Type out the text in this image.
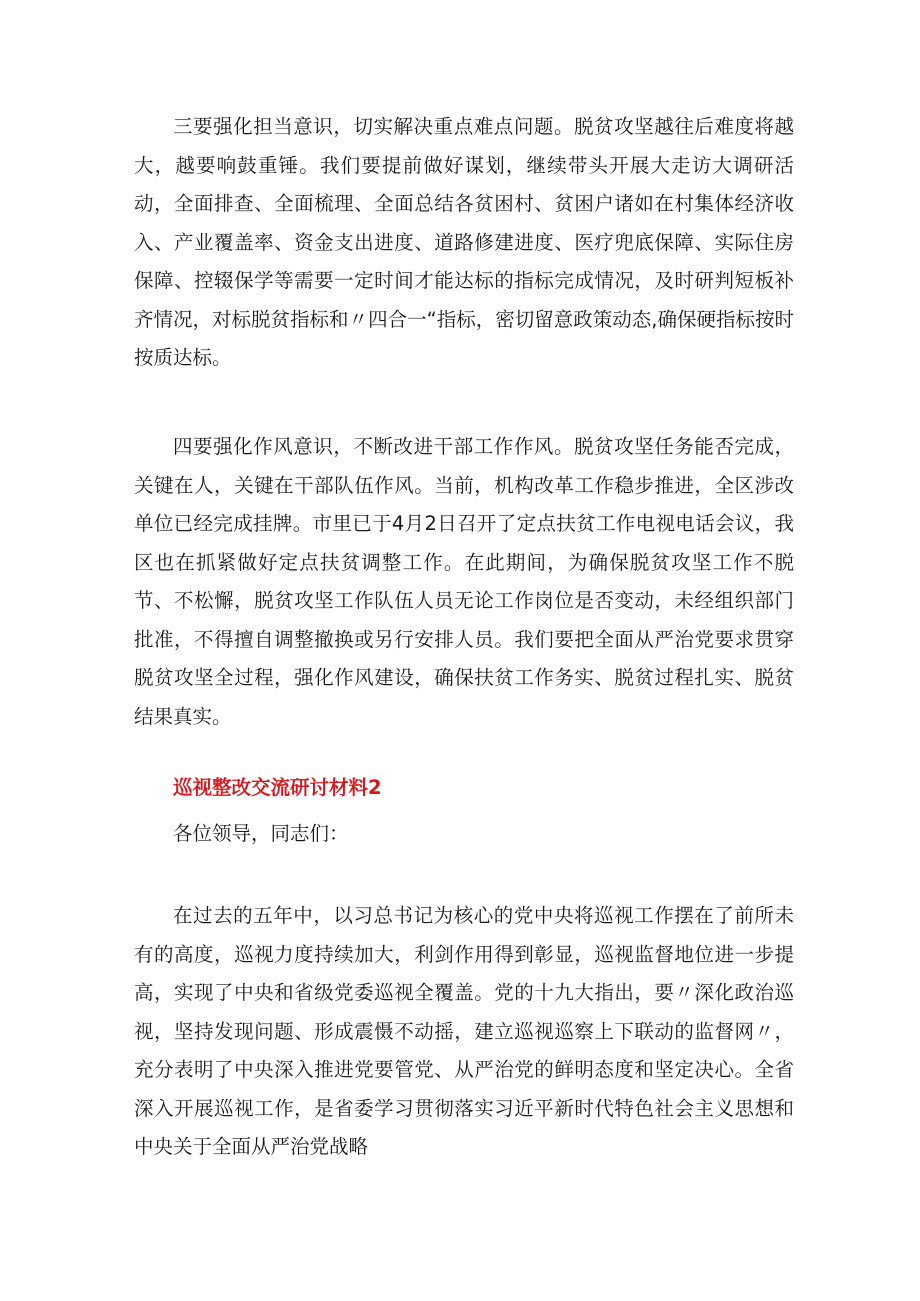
三要强化担当意识，切实解决重点难点问题。脱贫攻坚越往后难度将越大，越要响鼓重锤。我们要提前做好谋划，继续带头开展大走访大调研活动，全面排查、全面梳理、全面总结各贫困村、贫困户诸如在村集体经济收入、产业覆盖率、资金支出进度、道路修建进度、医疗兜底保障、实际住房保障、控辍保学等需要一定时间才能达标的指标完成情况，及时研判短板补齐情况，对标脱贫指标和〃四合一“指标，密切留意政策动态,确保硬指标按时按质达标。

四要强化作风意识，不断改进干部工作作风。脱贫攻坚任务能否完成，关键在人，关键在干部队伍作风。当前，机构改革工作稳步推进，全区涉改单位已经完成挂牌。市里已于4月2日召开了定点扶贫工作电视电话会议，我区也在抓紧做好定点扶贫调整工作。在此期间，为确保脱贫攻坚工作不脱节、不松懈，脱贫攻坚工作队伍人员无论工作岗位是否变动，未经组织部门批准，不得擅自调整撤换或另行安排人员。我们要把全面从严治党要求贯穿脱贫攻坚全过程，强化作风建设，确保扶贫工作务实、脱贫过程扎实、脱贫结果真实。

巡视整改交流研讨材料2

各位领导，同志们：

在过去的五年中，以习总书记为核心的党中央将巡视工作摆在了前所未有的高度，巡视力度持续加大，利剑作用得到彰显，巡视监督地位进一步提高，实现了中央和省级党委巡视全覆盖。党的十九大指出，要〃深化政治巡视，坚持发现问题、形成震慑不动摇，建立巡视巡察上下联动的监督网〃，充分表明了中央深入推进党要管党、从严治党的鲜明态度和坚定决心。全省深入开展巡视工作，是省委学习贯彻落实习近平新时代特色社会主义思想和中央关于全面从严治党战略
